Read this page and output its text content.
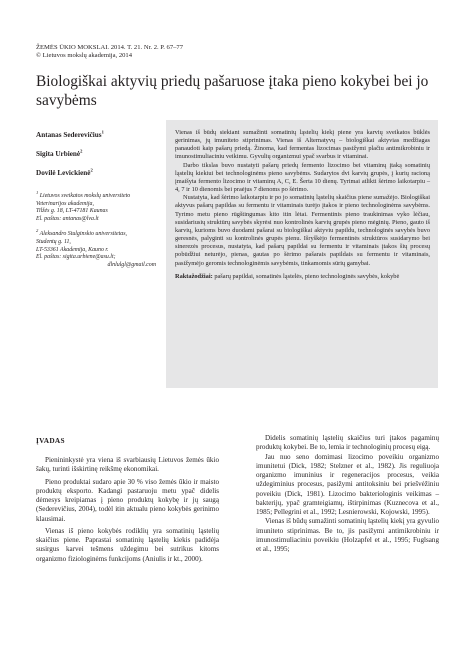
ŽEMĖS ŪKIO MOKSLAI. 2014. T. 21. Nr. 2. P. 67–77
© Lietuvos mokslų akademija, 2014
Biologiškai aktyvių priedų pašaruose įtaka pieno kokybei bei jo savybėms
Antanas Sederevičius$^1$
Sigita Urbienė$^2$
Dovilė Levickienė$^2$
$^1$ Lietuvos sveikatos mokslų universiteto
Veterinarijos akademija,
Tilžės g. 18, LT-47181 Kaunas
El. paštas: antanas@lva.lt
$^2$ Aleksandro Stulginskio universitetas,
Studentų g. 11,
LT-53361 Akademija, Kauno r.
El. paštas: sigita.urbiene@asu.lt;
dlnlulgl@gmail.com

Vienas iš būdų siekiant sumažinti somatinių ląstelių kiekį piene yra karvių sveikatos būklės gerinimas, jų imuniteto stiprinimas. Vienas iš Alternatyvų – biologiškai aktyvias medžiagas panaudoti kaip pašarų priedą. Žinoma, kad fermentas lizocimas pasižymi plačiu antimikrobiniu ir imunostimuliaciniu veikimu. Gyvulių organizmui ypač svarbus ir vitaminai.

Darbo tikslas buvo nustatyti pašarų priedų fermento lizocimo bei vitaminų įtaką somatinių ląstelių kiekiui bei technologinėms pieno savybėms. Sudarytos dvi karvių grupės, į kurių racioną įmaišyta fermento lizocimo ir vitaminų A, C, E. Šerta 10 dienų. Tyrimai atlikti šėrimo laikotarpiu – 4, 7 ir 10 dienomis bei praėjus 7 dienoms po šėrimo.

Nustatyta, kad šėrimo laikotarpiu ir po jo somatinių ląstelių skaičius piene sumažėjo. Biologiškai aktyvus pašarų papildas su fermentu ir vitaminais turėjo įtakos ir pieno technologinėms savybėms. Tyrimo metu pieno rūgštingumas kito itin lėtai. Fermentinis pieno traukinimas vyko lėčiau, susidariusių struktūrų savybės skyrėsi nuo kontrolinės karvių grupės pieno mėginių. Pieno, gauto iš karvių, kurioms buvo duodami pašarai su biologiškai aktyviu papildu, technologinės savybės buvo geresnės, palyginti su kontrolinės grupės pienu. Išryškėjo fermentinės struktūros susidarymo bei sinerezės procesus, nustatyta, kad pašarų papildai su fermentu ir vitaminais įtakos šių procesų pobūdžiui neturėjo, pienas, gautas po šėrimo pašarais papildais su fermentu ir vitaminais, pasižymėjo geromis technologinėmis savybėmis, tinkamomis sūrių gamybai.

Raktažodžiai: pašarų papildai, somatinės ląstelės, pieno technologinės savybės, kokybė

ĮVADAS

Pienininkystė yra viena iš svarbiausių Lietuvos žemės ūkio šakų, turinti išskirtinę reikšmę ekonomikai.

Pieno produktai sudaro apie 30 % viso žemės ūkio ir maisto produktų eksporto. Kadangi pastaruoju metu ypač didelis dėmesys kreipiamas į pieno produktų kokybę ir jų saugą (Sederevičius, 2004), todėl itin aktualu pieno kokybės gerinimo klausimai.

Vienas iš pieno kokybės rodiklių yra somatinių ląstelių skaičius piene. Paprastai somatinių ląstelių kiekis padidėja susirgus karvei tešmens uždegimu bei sutrikus kitoms organizmo fiziologinėms funkcijoms (Aniulis ir kt., 2000).

Didelis somatinių ląstelių skaičius turi įtakos pagaminų produktų kokybei. Be to, lemia ir technologinių procesų eigą.

Jau nuo seno domimasi lizocimo poveikiu organizmo imunitetui (Dick, 1982; Stelzner et al., 1982). Jis reguliuoja organizmo imuninius ir regeneracijos procesus, veikia uždegiminius procesus, pasižymi antitoksiniu bei priešvėžiniu poveikiu (Dick, 1981). Lizocimo bakteriologinis veikimas – bakterijų, ypač gramteigiamų, ištirpinimas (Kuznecova et al., 1985; Pellegrini et al., 1992; Lesnierowski, Kojowski, 1995).

Vienas iš būdų sumažinti somatinių ląstelių kiekį yra gyvulio imuniteto stiprinimas. Be to, jis pasižymi antimikrobiniu ir imunostimuliaciniu poveikiu (Holzapfel et al., 1995; Fuglsang et al., 1995;
